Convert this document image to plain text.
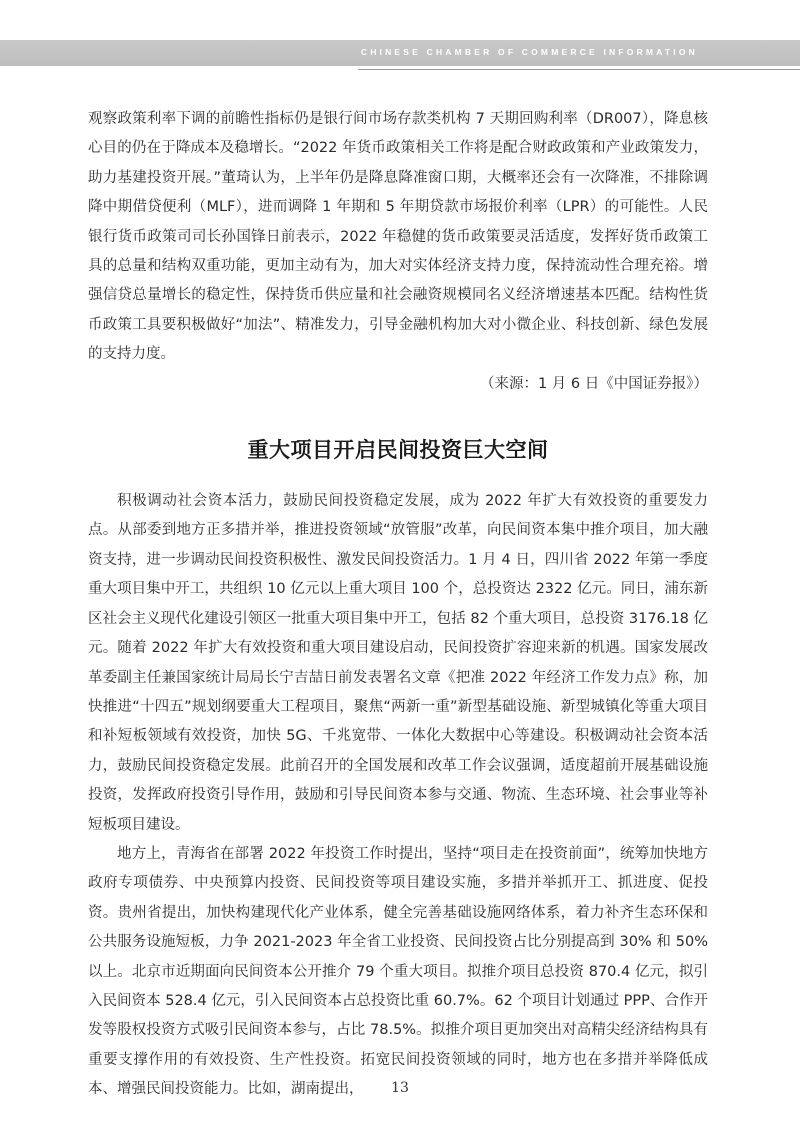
CHINESE CHAMBER OF COMMERCE INFORMATION

观察政策利率下调的前瞻性指标仍是银行间市场存款类机构 7 天期回购利率（DR007），降息核心目的仍在于降成本及稳增长。“2022 年货币政策相关工作将是配合财政政策和产业政策发力，助力基建投资开展。”董琦认为，上半年仍是降息降准窗口期，大概率还会有一次降准，不排除调降中期借贷便利（MLF），进而调降 1 年期和 5 年期贷款市场报价利率（LPR）的可能性。人民银行货币政策司司长孙国锋日前表示，2022 年稳健的货币政策要灵活适度，发挥好货币政策工具的总量和结构双重功能，更加主动有为，加大对实体经济支持力度，保持流动性合理充裕。增强信贷总量增长的稳定性，保持货币供应量和社会融资规模同名义经济增速基本匹配。结构性货币政策工具要积极做好“加法”、精准发力，引导金融机构加大对小微企业、科技创新、绿色发展的支持力度。

（来源：1 月 6 日《中国证券报》）
重大项目开启民间投资巨大空间

积极调动社会资本活力，鼓励民间投资稳定发展，成为 2022 年扩大有效投资的重要发力点。从部委到地方正多措并举，推进投资领域“放管服”改革，向民间资本集中推介项目，加大融资支持，进一步调动民间投资积极性、激发民间投资活力。1 月 4 日，四川省 2022 年第一季度重大项目集中开工，共组织 10 亿元以上重大项目 100 个，总投资达 2322 亿元。同日，浦东新区社会主义现代化建设引领区一批重大项目集中开工，包括 82 个重大项目，总投资 3176.18 亿元。随着 2022 年扩大有效投资和重大项目建设启动，民间投资扩容迎来新的机遇。国家发展改革委副主任兼国家统计局局长宁吉喆日前发表署名文章《把准 2022 年经济工作发力点》称，加快推进“十四五”规划纲要重大工程项目，聚焦“两新一重”新型基础设施、新型城镇化等重大项目和补短板领域有效投资，加快 5G、千兆宽带、一体化大数据中心等建设。积极调动社会资本活力，鼓励民间投资稳定发展。此前召开的全国发展和改革工作会议强调，适度超前开展基础设施投资，发挥政府投资引导作用，鼓励和引导民间资本参与交通、物流、生态环境、社会事业等补短板项目建设。

地方上，青海省在部署 2022 年投资工作时提出，坚持“项目走在投资前面”，统筹加快地方政府专项债券、中央预算内投资、民间投资等项目建设实施，多措并举抓开工、抓进度、促投资。贵州省提出，加快构建现代化产业体系，健全完善基础设施网络体系，着力补齐生态环保和公共服务设施短板，力争 2021-2023 年全省工业投资、民间投资占比分别提高到 30% 和 50% 以上。北京市近期面向民间资本公开推介 79 个重大项目。拟推介项目总投资 870.4 亿元，拟引入民间资本 528.4 亿元，引入民间资本占总投资比重 60.7%。62 个项目计划通过 PPP、合作开发等股权投资方式吸引民间资本参与，占比 78.5%。拟推介项目更加突出对高精尖经济结构具有重要支撑作用的有效投资、生产性投资。拓宽民间投资领域的同时，地方也在多措并举降低成本、增强民间投资能力。比如，湖南提出，	13
